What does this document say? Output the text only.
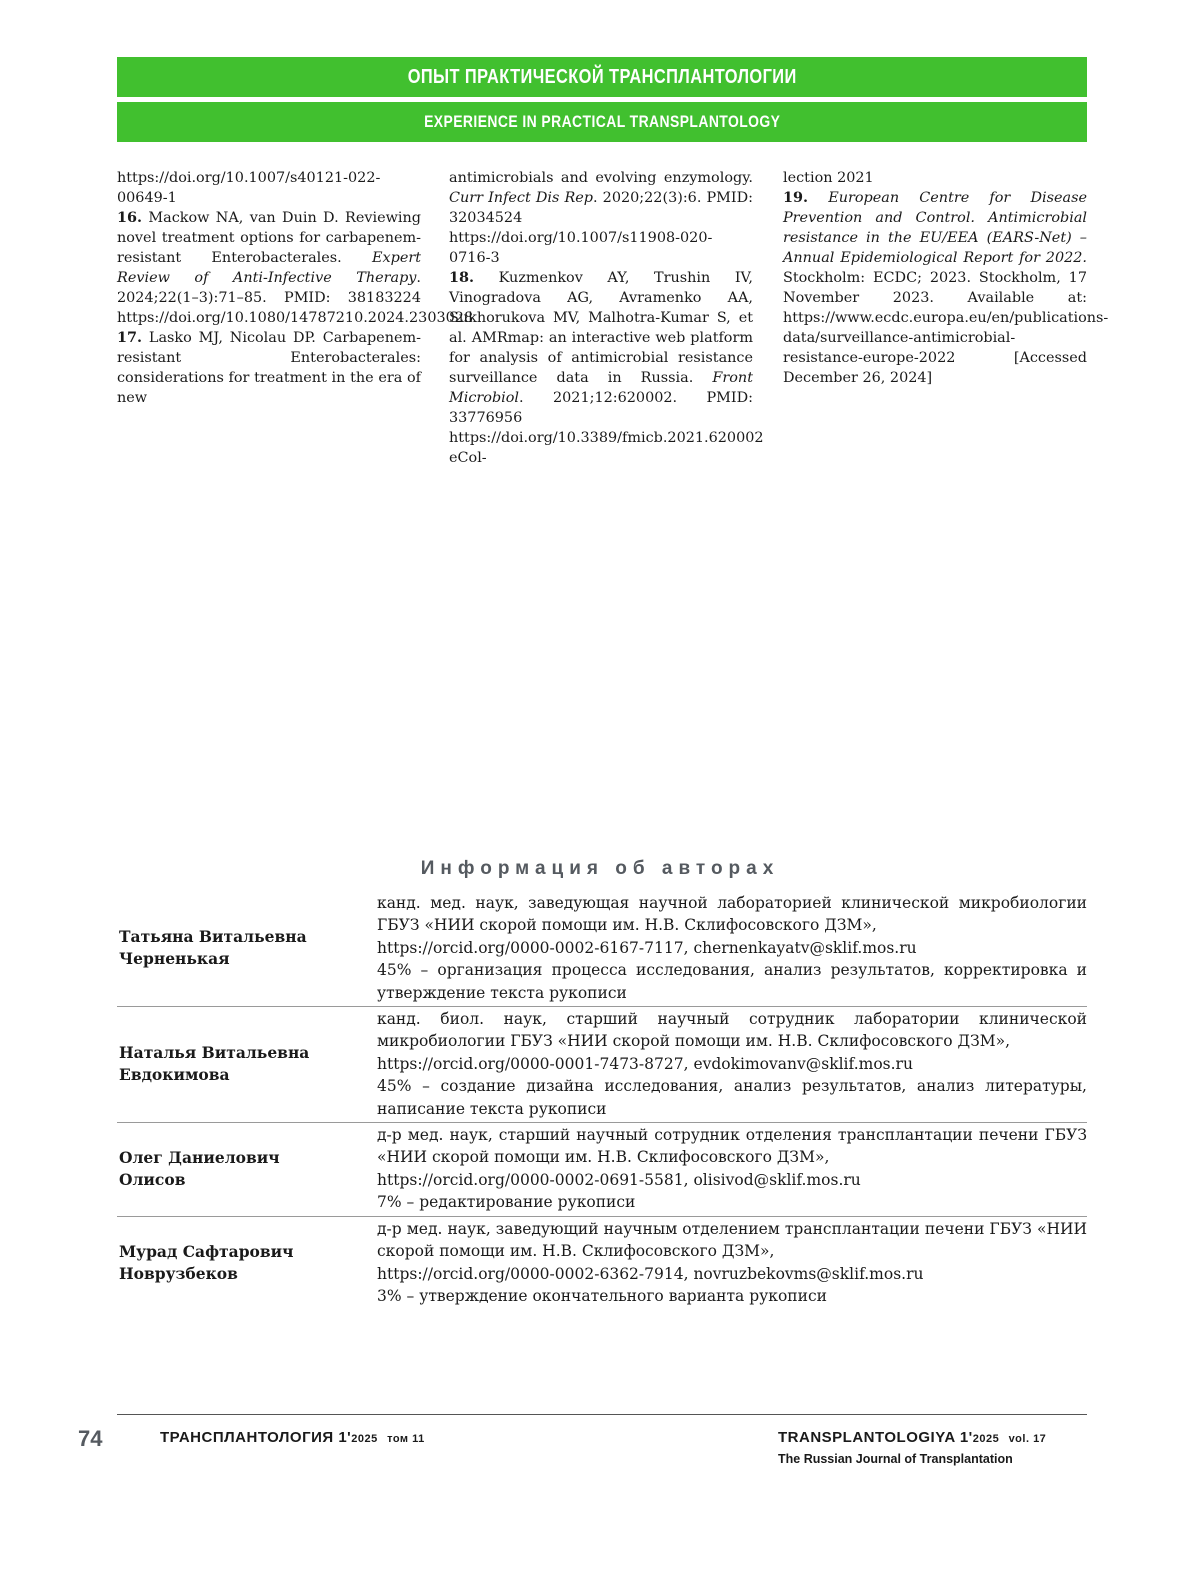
ОПЫТ ПРАКТИЧЕСКОЙ ТРАНСПЛАНТОЛОГИИ
EXPERIENCE IN PRACTICAL TRANSPLANTOLOGY

https://doi.org/10.1007/s40121-022-00649-1

16. Mackow NA, van Duin D. Reviewing novel treatment options for carbapenem-resistant Enterobacterales. Expert Review of Anti-Infective Therapy. 2024;22(1–3):71–85. PMID: 38183224 https://doi.org/10.1080/14787210.2024.2303028

17. Lasko MJ, Nicolau DP. Carbapenem-resistant Enterobacterales: considerations for treatment in the era of new

antimicrobials and evolving enzymology. Curr Infect Dis Rep. 2020;22(3):6. PMID: 32034524 https://doi.org/10.1007/s11908-020-0716-3

18. Kuzmenkov AY, Trushin IV, Vinogradova AG, Avramenko AA, Sukhorukova MV, Malhotra-Kumar S, et al. AMRmap: an interactive web platform for analysis of antimicrobial resistance surveillance data in Russia. Front Microbiol. 2021;12:620002. PMID: 33776956 https://doi.org/10.3389/fmicb.2021.620002 eCol-

lection 2021

19. European Centre for Disease Prevention and Control. Antimicrobial resistance in the EU/EEA (EARS-Net) – Annual Epidemiological Report for 2022. Stockholm: ECDC; 2023. Stockholm, 17 November 2023. Available at: https://www.ecdc.europa.eu/en/publications-data/surveillance-antimicrobial-resistance-europe-2022 [Accessed December 26, 2024]

Информация об авторах
Татьяна Витальевна
Черненькая
канд. мед. наук, заведующая научной лабораторией клинической микробиологии ГБУЗ «НИИ скорой помощи им. Н.В. Склифосовского ДЗМ»,
https://orcid.org/0000-0002-6167-7117, chernenkayatv@sklif.mos.ru
45% – организация процесса исследования, анализ результатов, корректировка и утверждение текста рукописи
Наталья Витальевна
Евдокимова
канд. биол. наук, старший научный сотрудник лаборатории клинической микробиологии ГБУЗ «НИИ скорой помощи им. Н.В. Склифосовского ДЗМ»,
https://orcid.org/0000-0001-7473-8727, evdokimovanv@sklif.mos.ru
45% – создание дизайна исследования, анализ результатов, анализ литературы, написание текста рукописи
Олег Даниелович
Олисов
д-р мед. наук, старший научный сотрудник отделения трансплантации печени ГБУЗ «НИИ скорой помощи им. Н.В. Склифосовского ДЗМ»,
https://orcid.org/0000-0002-0691-5581, olisivod@sklif.mos.ru
7% – редактирование рукописи
Мурад Сафтарович
Новрузбеков
д-р мед. наук, заведующий научным отделением трансплантации печени ГБУЗ «НИИ скорой помощи им. Н.В. Склифосовского ДЗМ»,
https://orcid.org/0000-0002-6362-7914, novruzbekovms@sklif.mos.ru
3% – утверждение окончательного варианта рукописи
74	ТРАНСПЛАНТОЛОГИЯ 1'2025 том 11	TRANSPLANTOLOGIYA 1'2025 vol. 17
The Russian Journal of Transplantation
